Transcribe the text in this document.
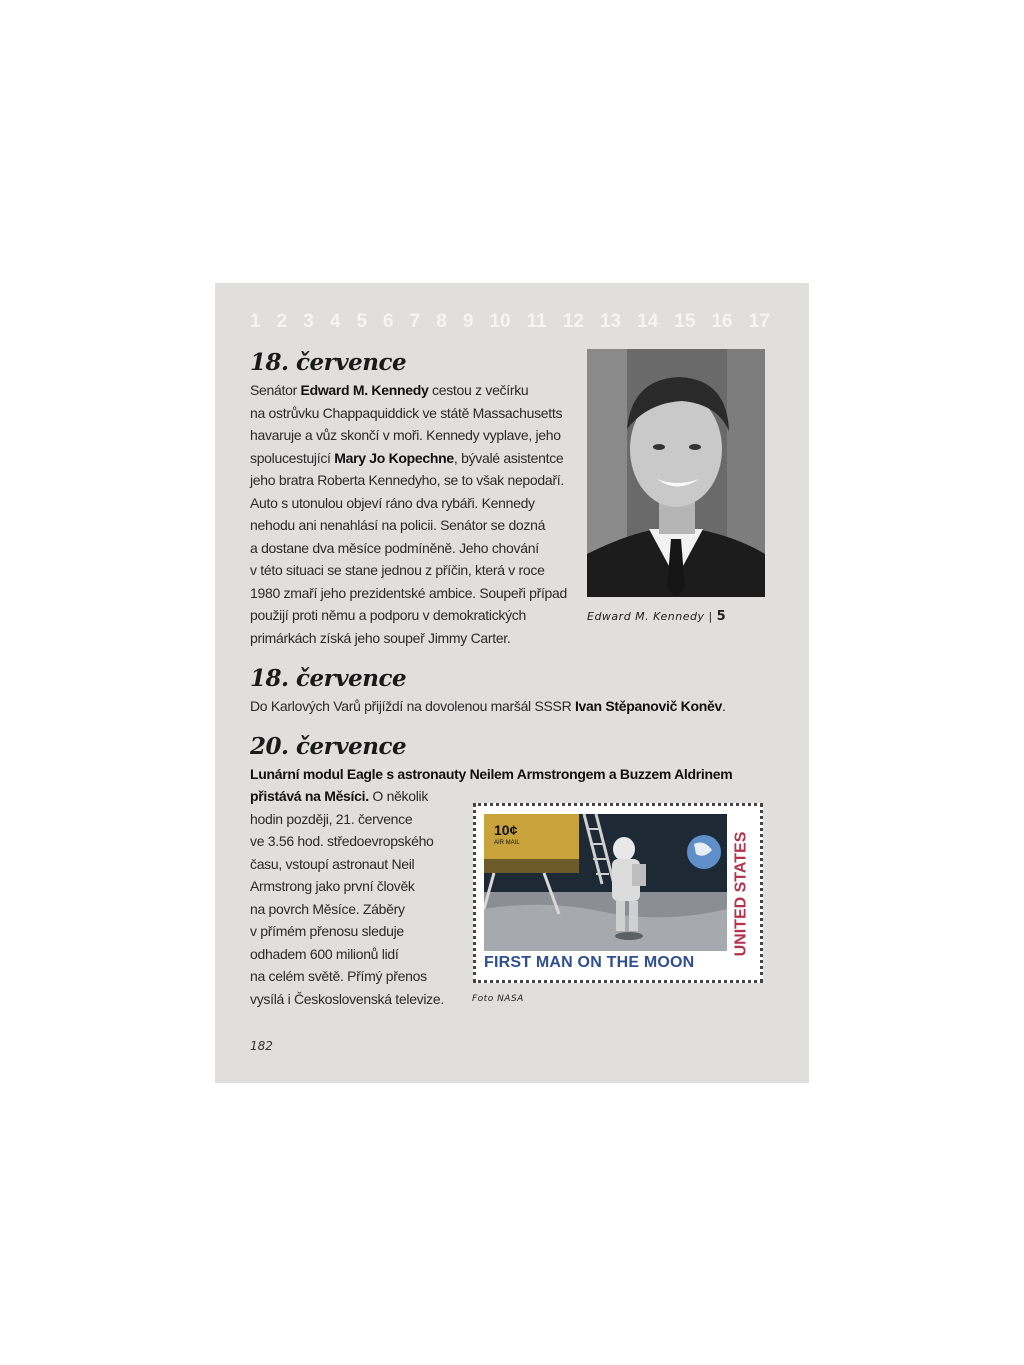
1 2 3 4 5 6 7 8 9 10 11 12 13 14 15 16 17
18. července
Senátor Edward M. Kennedy cestou z večírku
na ostrůvku Chappaquiddick ve státě Massachusetts
havaruje a vůz skončí v moři. Kennedy vyplave, jeho
spolucestující Mary Jo Kopechne, bývalé asistentce
jeho bratra Roberta Kennedyho, se to však nepodaří.
Auto s utonulou objeví ráno dva rybáři. Kennedy
nehodu ani nenahlásí na policii. Senátor se dozná
a dostane dva měsíce podmíněně. Jeho chování
v této situaci se stane jednou z příčin, která v roce
1980 zmaří jeho prezidentské ambice. Soupeři případ
použijí proti němu a podporu v demokratických
primárkách získá jeho soupeř Jimmy Carter.
Edward M. Kennedy | 5
18. července
Do Karlových Varů přijíždí na dovolenou maršál SSSR Ivan Stěpanovič Koněv.
20. července
Lunární modul Eagle s astronauty Neilem Armstrongem a Buzzem Aldrinem
přistává na Měsíci. O několik
hodin později, 21. července
ve 3.56 hod. středoevropského
času, vstoupí astronaut Neil
Armstrong jako první člověk
na povrch Měsíce. Záběry
v přímém přenosu sleduje
odhadem 600 milionů lidí
na celém světě. Přímý přenos
vysílá i Československá televize.
10¢
AIR MAIL
FIRST MAN ON THE MOON
UNITED STATES
Foto NASA
182
